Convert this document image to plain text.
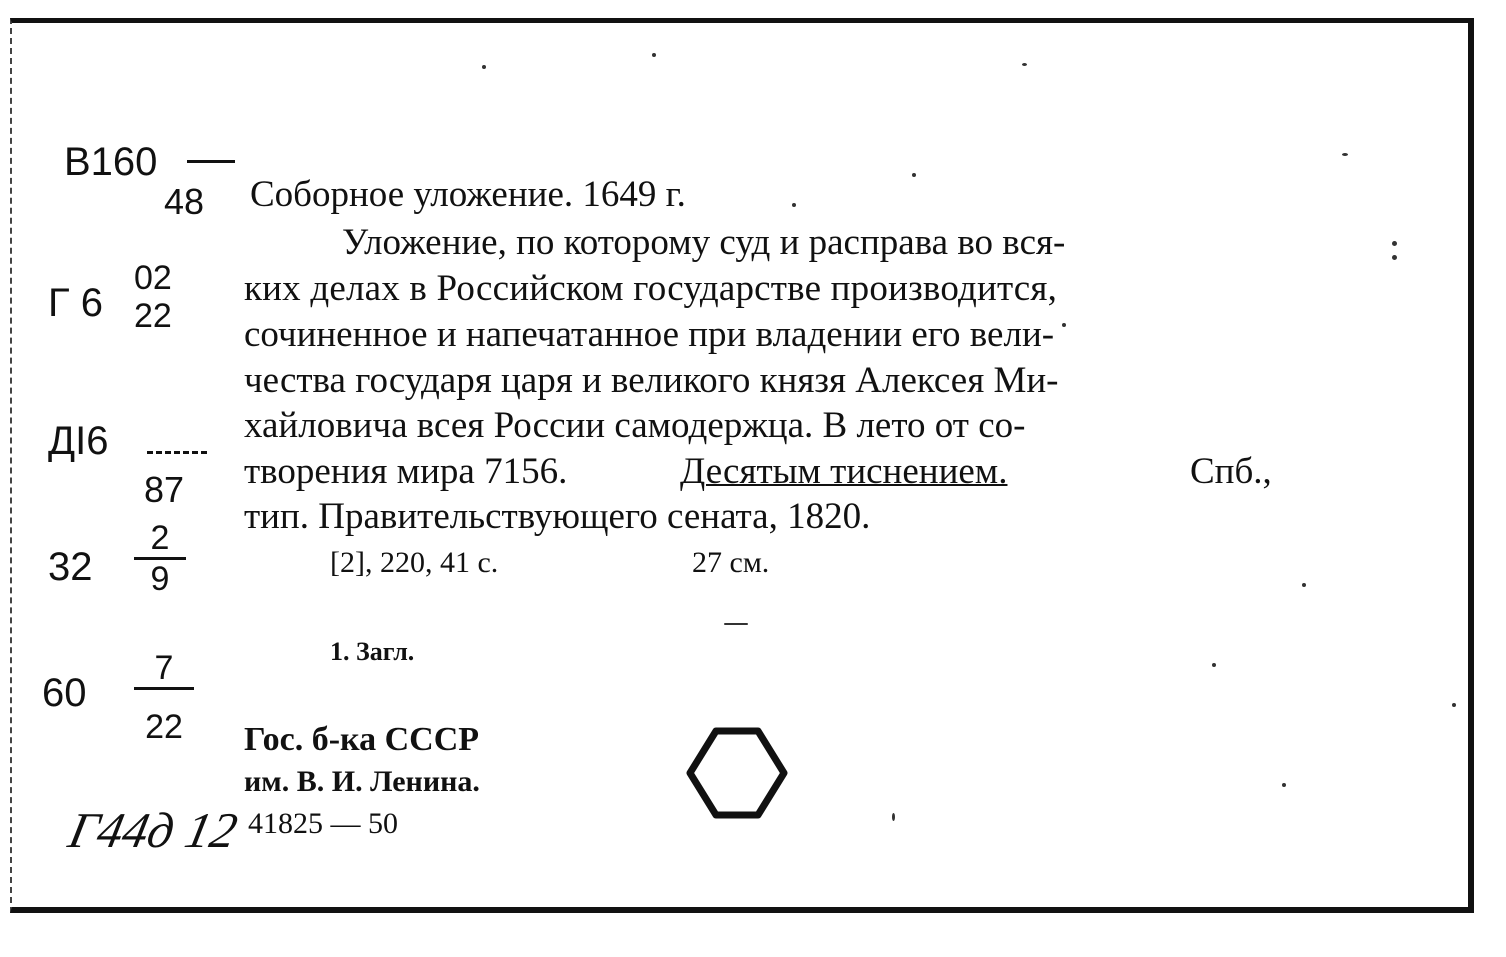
B160
48
Г 6
02
22
ДI6
87
32
2
9
60
7
22
Г44д 12
Соборное уложение. 1649 г.
Уложение, по которому суд и расправа во вся-
ких делах в Российском государстве производится,
сочиненное и напечатанное при владении его вели-
чества государя царя и великого князя Алексея Ми-
хайловича всея России самодержца. В лето от со-
творения мира 7156.	Десятым тиснением.	Спб.,
тип. Правительствующего сената, 1820.
[2], 220, 41 с.	27 см.
1. Загл.
Гос. б-ка СССР
им. В. И. Ленина.
41825 — 50
